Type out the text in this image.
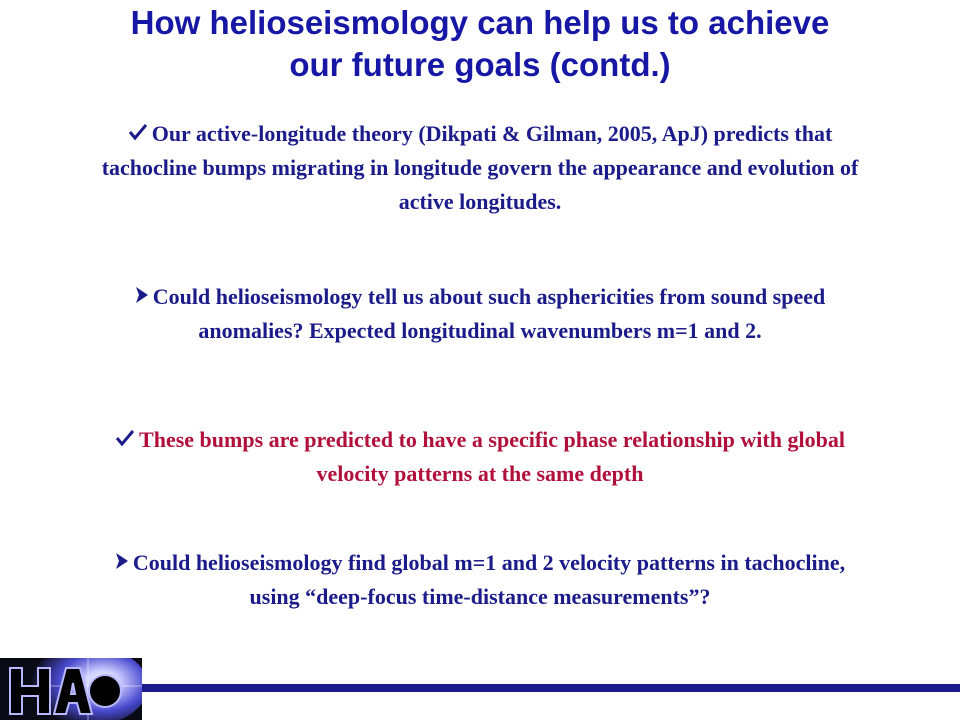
How helioseismology can help us to achieve
our future goals (contd.)
Our active-longitude theory (Dikpati & Gilman, 2005, ApJ) predicts that
tachocline bumps migrating in longitude govern the appearance and evolution of
active longitudes.
Could helioseismology tell us about such asphericities from sound speed
anomalies? Expected longitudinal wavenumbers m=1 and 2.
These bumps are predicted to have a specific phase relationship with global
velocity patterns at the same depth
Could helioseismology find global m=1 and 2 velocity patterns in tachocline,
using “deep-focus time-distance measurements”?
